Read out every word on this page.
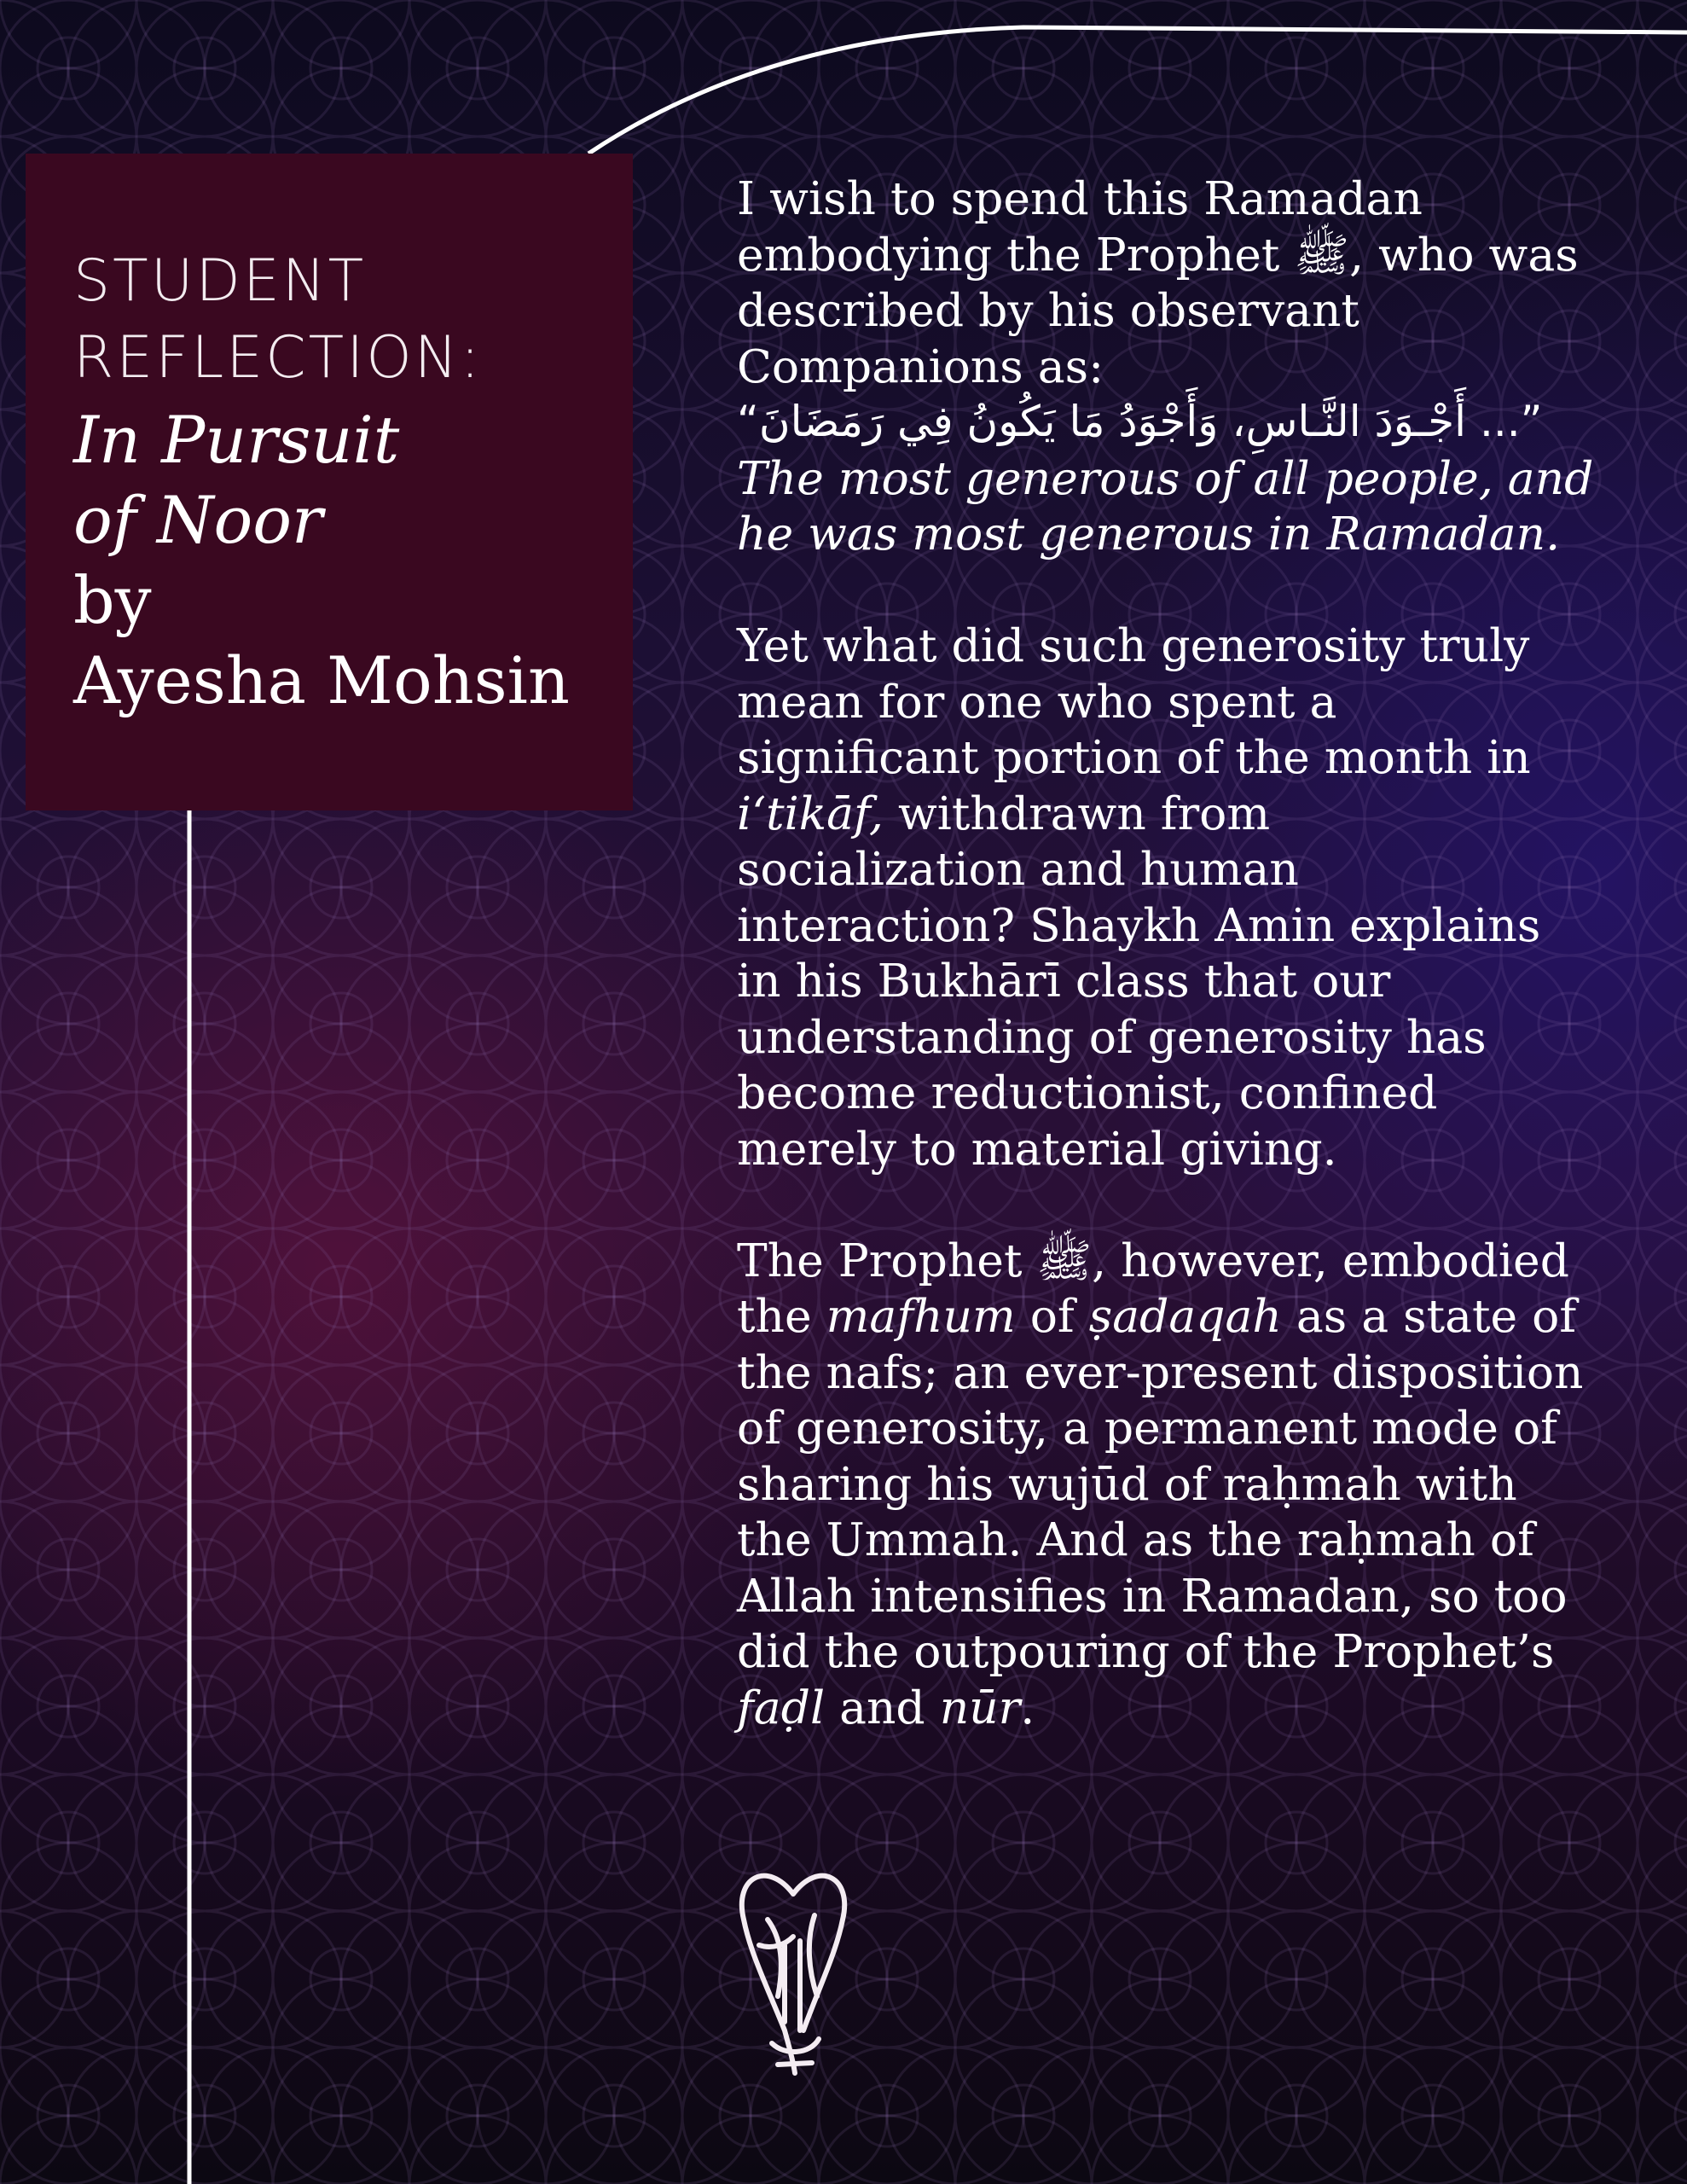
STUDENT
REFLECTION:
In Pursuit
of Noor
by
Ayesha Mohsin
I wish to spend this Ramadan
embodying the Prophet ﷺ, who was
described by his observant
Companions as:
“أَجْـوَدَ النَّـاسِ، وَأَجْوَدُ مَا يَكُونُ فِي رَمَضَانَ ...”
The most generous of all people, and
he was most generous in Ramadan.
Yet what did such generosity truly
mean for one who spent a
significant portion of the month in
i‘tikāf, withdrawn from
socialization and human
interaction? Shaykh Amin explains
in his Bukhārī class that our
understanding of generosity has
become reductionist, confined
merely to material giving.
The Prophet ﷺ, however, embodied
the mafhum of ṣadaqah as a state of
the nafs; an ever-present disposition
of generosity, a permanent mode of
sharing his wujūd of raḥmah with
the Ummah. And as the raḥmah of
Allah intensifies in Ramadan, so too
did the outpouring of the Prophet’s
faḍl and nūr.
